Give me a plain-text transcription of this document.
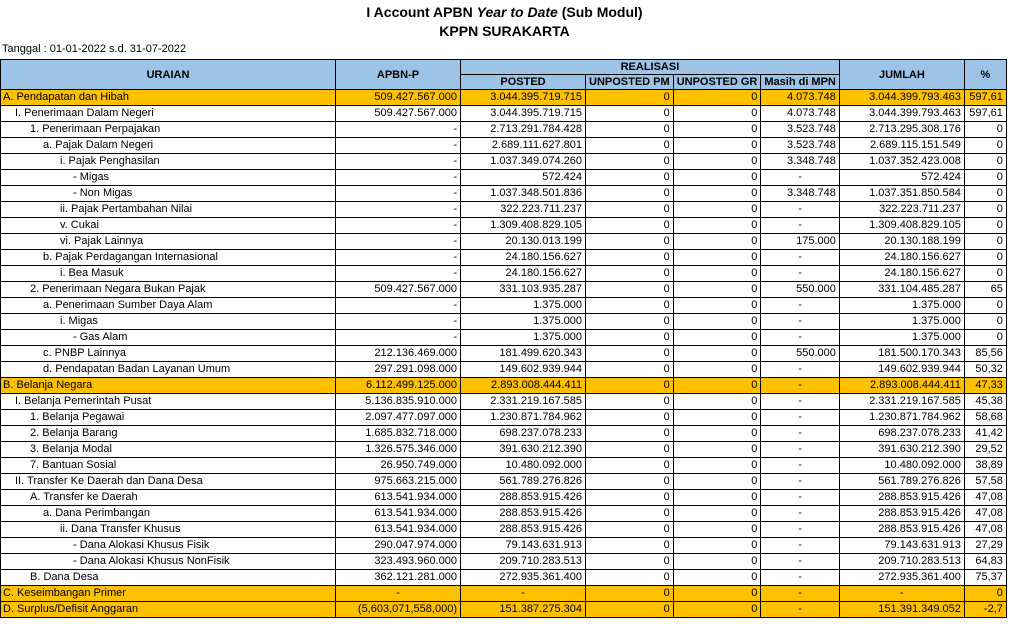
I Account APBN Year to Date (Sub Modul)
KPPN SURAKARTA
Tanggal : 01-01-2022 s.d. 31-07-2022
URAIAN	APBN-P	REALISASI				JUMLAH	%
		POSTED	UNPOSTED PM	UNPOSTED GR	Masih di MPN		
A. Pendapatan dan Hibah	509.427.567.000	3.044.395.719.715	0	0	4.073.748	3.044.399.793.463	597,61
I. Penerimaan Dalam Negeri	509.427.567.000	3.044.395.719.715	0	0	4.073.748	3.044.399.793.463	597,61
1. Penerimaan Perpajakan	-	2.713.291.784.428	0	0	3.523.748	2.713.295.308.176	0
a. Pajak Dalam Negeri	-	2.689.111.627.801	0	0	3.523.748	2.689.115.151.549	0
i. Pajak Penghasilan	-	1.037.349.074.260	0	0	3.348.748	1.037.352.423.008	0
- Migas	-	572.424	0	0	-	572.424	0
- Non Migas	-	1.037.348.501.836	0	0	3.348.748	1.037.351.850.584	0
ii. Pajak Pertambahan Nilai	-	322.223.711.237	0	0	-	322.223.711.237	0
v. Cukai	-	1.309.408.829.105	0	0	-	1.309.408.829.105	0
vi. Pajak Lainnya	-	20.130.013.199	0	0	175.000	20.130.188.199	0
b. Pajak Perdagangan Internasional	-	24.180.156.627	0	0	-	24.180.156.627	0
i. Bea Masuk	-	24.180.156.627	0	0	-	24.180.156.627	0
2. Penerimaan Negara Bukan Pajak	509.427.567.000	331.103.935.287	0	0	550.000	331.104.485.287	65
a. Penerimaan Sumber Daya Alam	-	1.375.000	0	0	-	1.375.000	0
i. Migas	-	1.375.000	0	0	-	1.375.000	0
- Gas Alam	-	1.375.000	0	0	-	1.375.000	0
c. PNBP Lainnya	212.136.469.000	181.499.620.343	0	0	550.000	181.500.170.343	85,56
d. Pendapatan Badan Layanan Umum	297.291.098.000	149.602.939.944	0	0	-	149.602.939.944	50,32
B. Belanja Negara	6.112.499.125.000	2.893.008.444.411	0	0	-	2.893.008.444.411	47,33
I. Belanja Pemerintah Pusat	5.136.835.910.000	2.331.219.167.585	0	0	-	2.331.219.167.585	45,38
1. Belanja Pegawai	2.097.477.097.000	1.230.871.784.962	0	0	-	1.230.871.784.962	58,68
2. Belanja Barang	1.685.832.718.000	698.237.078.233	0	0	-	698.237.078.233	41,42
3. Belanja Modal	1.326.575.346.000	391.630.212.390	0	0	-	391.630.212.390	29,52
7. Bantuan Sosial	26.950.749.000	10.480.092.000	0	0	-	10.480.092.000	38,89
II. Transfer Ke Daerah dan Dana Desa	975.663.215.000	561.789.276.826	0	0	-	561.789.276.826	57,58
A. Transfer ke Daerah	613.541.934.000	288.853.915.426	0	0	-	288.853.915.426	47,08
a. Dana Perimbangan	613.541.934.000	288.853.915.426	0	0	-	288.853.915.426	47,08
ii. Dana Transfer Khusus	613.541.934.000	288.853.915.426	0	0	-	288.853.915.426	47,08
- Dana Alokasi Khusus Fisik	290.047.974.000	79.143.631.913	0	0	-	79.143.631.913	27,29
- Dana Alokasi Khusus NonFisik	323.493.960.000	209.710.283.513	0	0	-	209.710.283.513	64,83
B. Dana Desa	362.121.281.000	272.935.361.400	0	0	-	272.935.361.400	75,37
C. Keseimbangan Primer	-	-	0	0	-	-	0
D. Surplus/Defisit Anggaran	(5,603,071,558,000)	151.387.275.304	0	0	-	151.391.349.052	-2,7
